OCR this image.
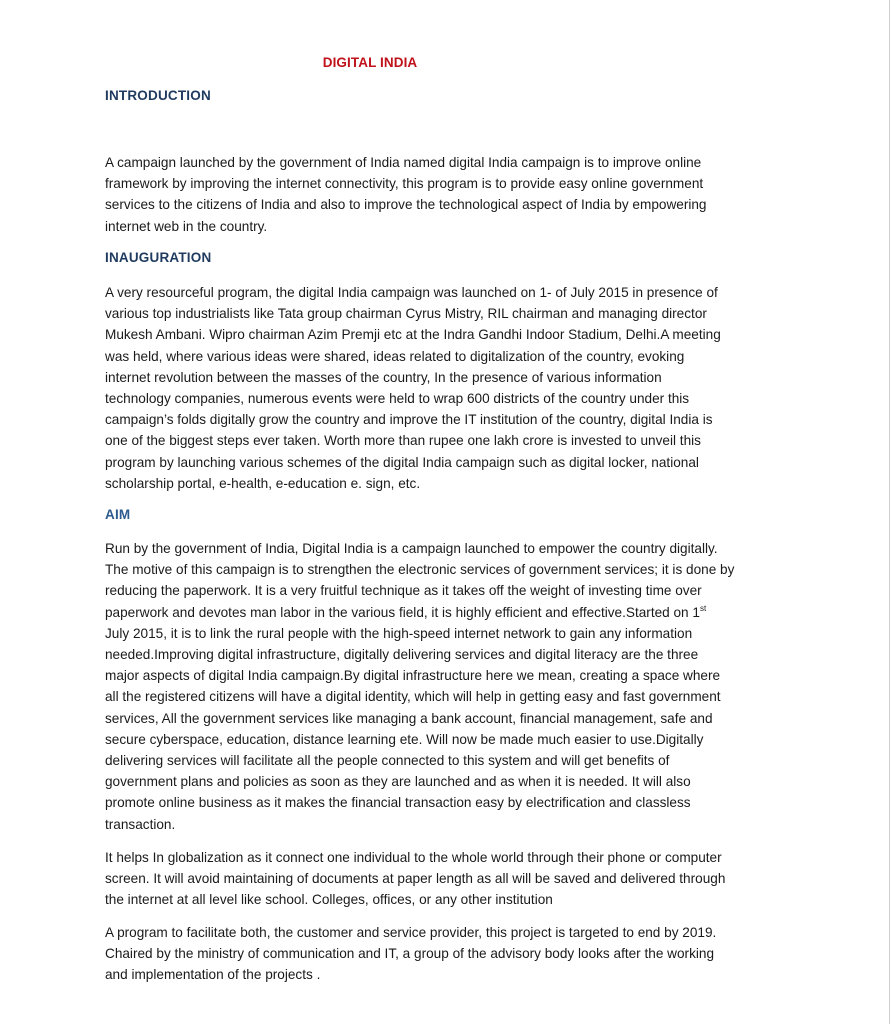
DIGITAL INDIA
INTRODUCTION

A campaign launched by the government of India named digital India campaign is to improve online
framework by improving the internet connectivity, this program is to provide easy online government
services to the citizens of India and also to improve the technological aspect of India by empowering
internet web in the country.

INAUGURATION

A very resourceful program, the digital India campaign was launched on 1- of July 2015 in presence of
various top industrialists like Tata group chairman Cyrus Mistry, RIL chairman and managing director
Mukesh Ambani. Wipro chairman Azim Premji etc at the Indra Gandhi Indoor Stadium, Delhi.A meeting
was held, where various ideas were shared, ideas related to digitalization of the country, evoking
internet revolution between the masses of the country, In the presence of various information
technology companies, numerous events were held to wrap 600 districts of the country under this
campaign’s folds digitally grow the country and improve the IT institution of the country, digital India is
one of the biggest steps ever taken. Worth more than rupee one lakh crore is invested to unveil this
program by launching various schemes of the digital India campaign such as digital locker, national
scholarship portal, e-health, e-education e. sign, etc.

AIM

Run by the government of India, Digital India is a campaign launched to empower the country digitally.
The motive of this campaign is to strengthen the electronic services of government services; it is done by
reducing the paperwork. It is a very fruitful technique as it takes off the weight of investing time over
paperwork and devotes man labor in the various field, it is highly efficient and effective.Started on 1st
July 2015, it is to link the rural people with the high-speed internet network to gain any information
needed.Improving digital infrastructure, digitally delivering services and digital literacy are the three
major aspects of digital India campaign.By digital infrastructure here we mean, creating a space where
all the registered citizens will have a digital identity, which will help in getting easy and fast government
services, All the government services like managing a bank account, financial management, safe and
secure cyberspace, education, distance learning ete. Will now be made much easier to use.Digitally
delivering services will facilitate all the people connected to this system and will get benefits of
government plans and policies as soon as they are launched and as when it is needed. It will also
promote online business as it makes the financial transaction easy by electrification and classless
transaction.

It helps In globalization as it connect one individual to the whole world through their phone or computer
screen. It will avoid maintaining of documents at paper length as all will be saved and delivered through
the internet at all level like school. Colleges, offices, or any other institution

A program to facilitate both, the customer and service provider, this project is targeted to end by 2019.
Chaired by the ministry of communication and IT, a group of the advisory body looks after the working
and implementation of the projects .
